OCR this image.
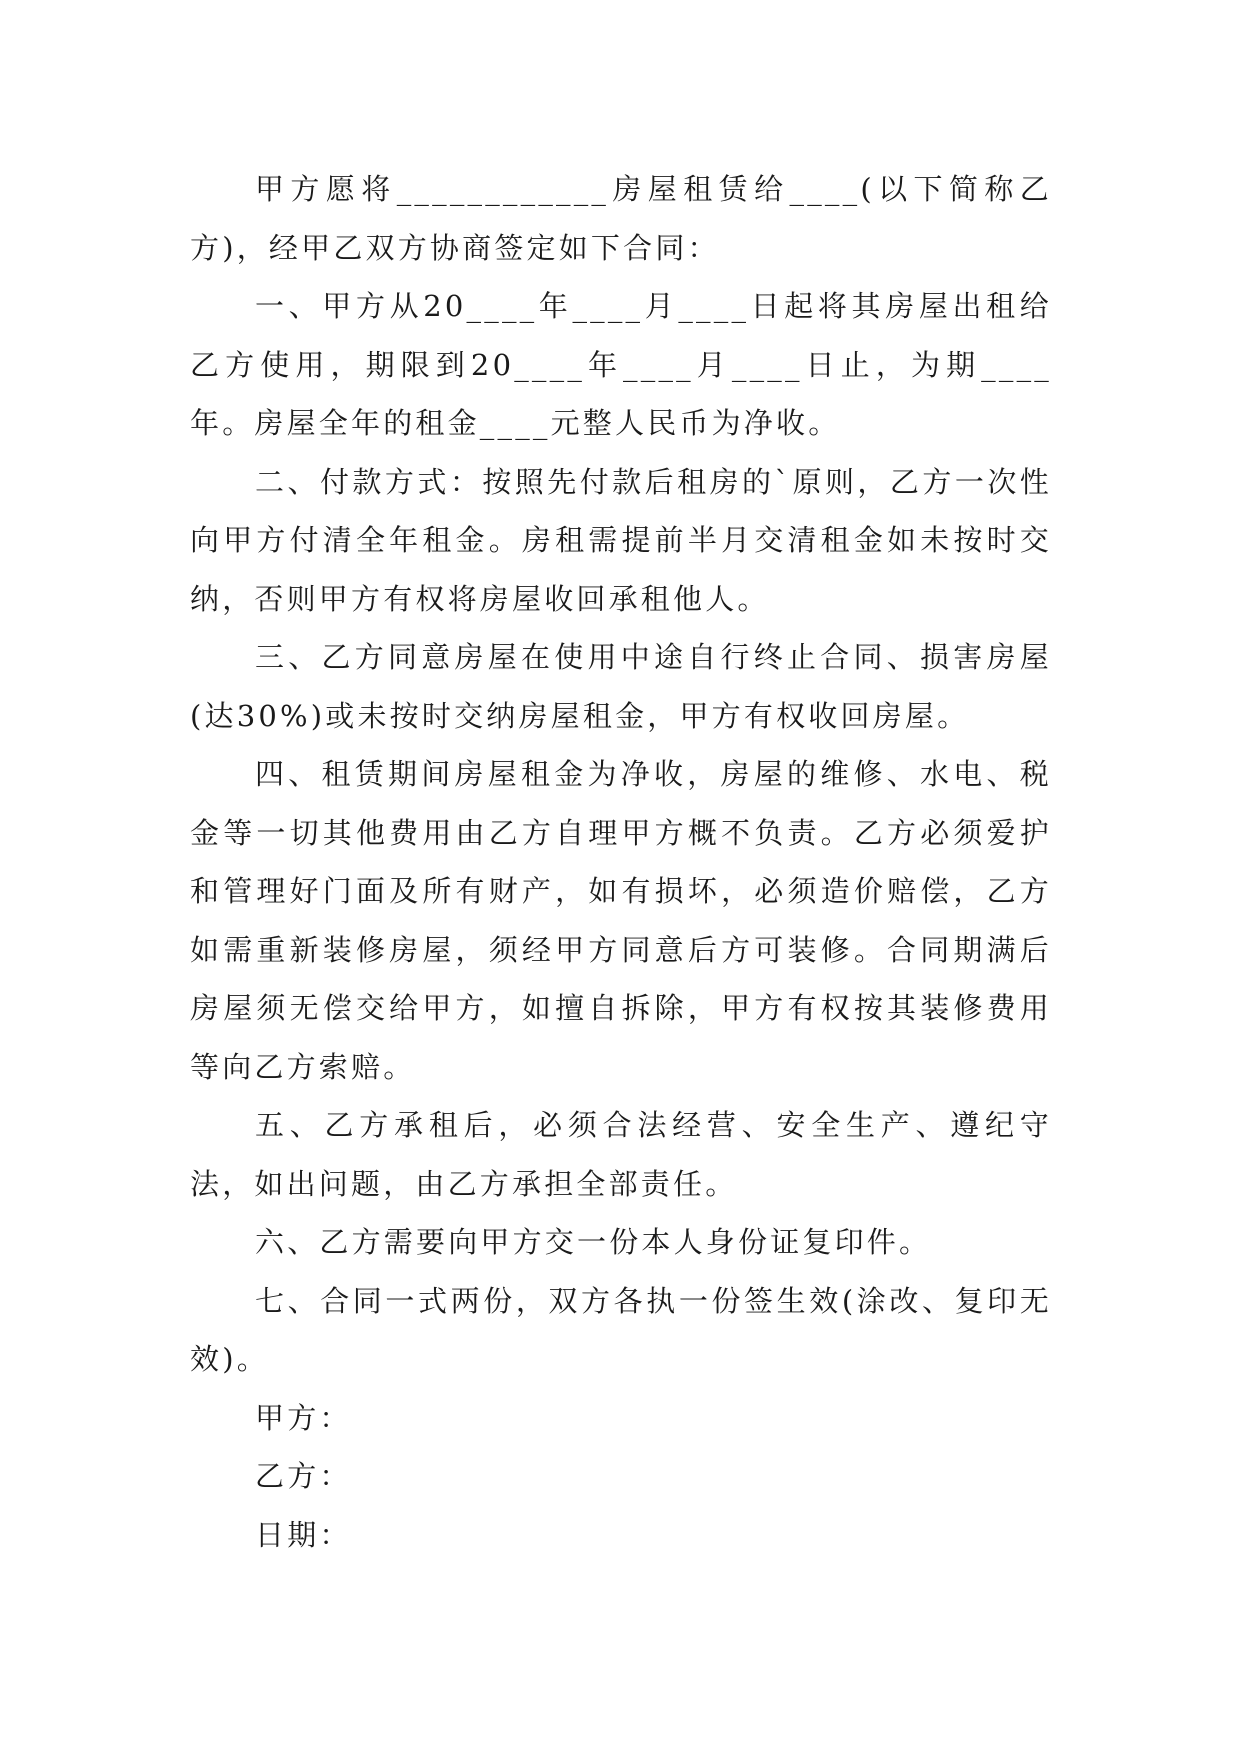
甲方愿将____________房屋租赁给____(以下简称乙方)，经甲乙双方协商签定如下合同：

一、甲方从20____年____月____日起将其房屋出租给乙方使用，期限到20____年____月____日止，为期____年。房屋全年的租金____元整人民币为净收。

二、付款方式：按照先付款后租房的`原则，乙方一次性向甲方付清全年租金。房租需提前半月交清租金如未按时交纳，否则甲方有权将房屋收回承租他人。

三、乙方同意房屋在使用中途自行终止合同、损害房屋(达30%)或未按时交纳房屋租金，甲方有权收回房屋。

四、租赁期间房屋租金为净收，房屋的维修、水电、税金等一切其他费用由乙方自理甲方概不负责。乙方必须爱护和管理好门面及所有财产，如有损坏，必须造价赔偿，乙方如需重新装修房屋，须经甲方同意后方可装修。合同期满后房屋须无偿交给甲方，如擅自拆除，甲方有权按其装修费用等向乙方索赔。

五、乙方承租后，必须合法经营、安全生产、遵纪守法，如出问题，由乙方承担全部责任。

六、乙方需要向甲方交一份本人身份证复印件。

七、合同一式两份，双方各执一份签生效(涂改、复印无效)。

甲方：

乙方：

日期：
